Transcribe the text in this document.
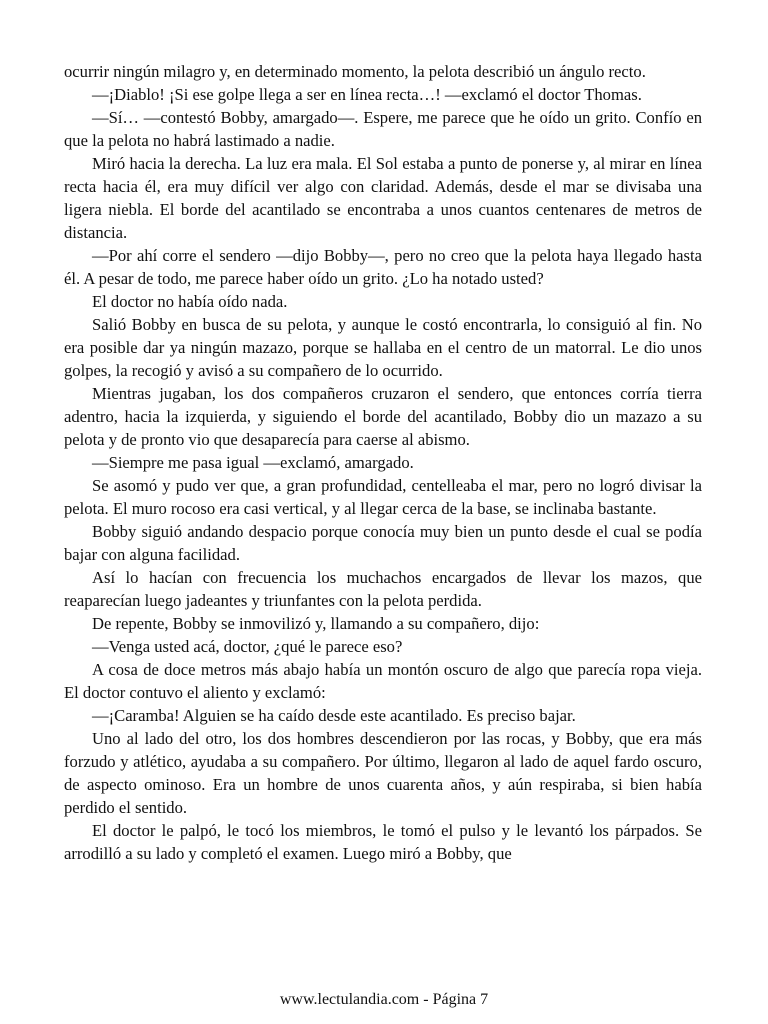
ocurrir ningún milagro y, en determinado momento, la pelota describió un ángulo recto.

—¡Diablo! ¡Si ese golpe llega a ser en línea recta…! —exclamó el doctor Thomas.

—Sí… —contestó Bobby, amargado—. Espere, me parece que he oído un grito. Confío en que la pelota no habrá lastimado a nadie.

Miró hacia la derecha. La luz era mala. El Sol estaba a punto de ponerse y, al mirar en línea recta hacia él, era muy difícil ver algo con claridad. Además, desde el mar se divisaba una ligera niebla. El borde del acantilado se encontraba a unos cuantos centenares de metros de distancia.

—Por ahí corre el sendero —dijo Bobby—, pero no creo que la pelota haya llegado hasta él. A pesar de todo, me parece haber oído un grito. ¿Lo ha notado usted?

El doctor no había oído nada.

Salió Bobby en busca de su pelota, y aunque le costó encontrarla, lo consiguió al fin. No era posible dar ya ningún mazazo, porque se hallaba en el centro de un matorral. Le dio unos golpes, la recogió y avisó a su compañero de lo ocurrido.

Mientras jugaban, los dos compañeros cruzaron el sendero, que entonces corría tierra adentro, hacia la izquierda, y siguiendo el borde del acantilado, Bobby dio un mazazo a su pelota y de pronto vio que desaparecía para caerse al abismo.

—Siempre me pasa igual —exclamó, amargado.

Se asomó y pudo ver que, a gran profundidad, centelleaba el mar, pero no logró divisar la pelota. El muro rocoso era casi vertical, y al llegar cerca de la base, se inclinaba bastante.

Bobby siguió andando despacio porque conocía muy bien un punto desde el cual se podía bajar con alguna facilidad.

Así lo hacían con frecuencia los muchachos encargados de llevar los mazos, que reaparecían luego jadeantes y triunfantes con la pelota perdida.

De repente, Bobby se inmovilizó y, llamando a su compañero, dijo:

—Venga usted acá, doctor, ¿qué le parece eso?

A cosa de doce metros más abajo había un montón oscuro de algo que parecía ropa vieja. El doctor contuvo el aliento y exclamó:

—¡Caramba! Alguien se ha caído desde este acantilado. Es preciso bajar.

Uno al lado del otro, los dos hombres descendieron por las rocas, y Bobby, que era más forzudo y atlético, ayudaba a su compañero. Por último, llegaron al lado de aquel fardo oscuro, de aspecto ominoso. Era un hombre de unos cuarenta años, y aún respiraba, si bien había perdido el sentido.

El doctor le palpó, le tocó los miembros, le tomó el pulso y le levantó los párpados. Se arrodilló a su lado y completó el examen. Luego miró a Bobby, que

www.lectulandia.com - Página 7
